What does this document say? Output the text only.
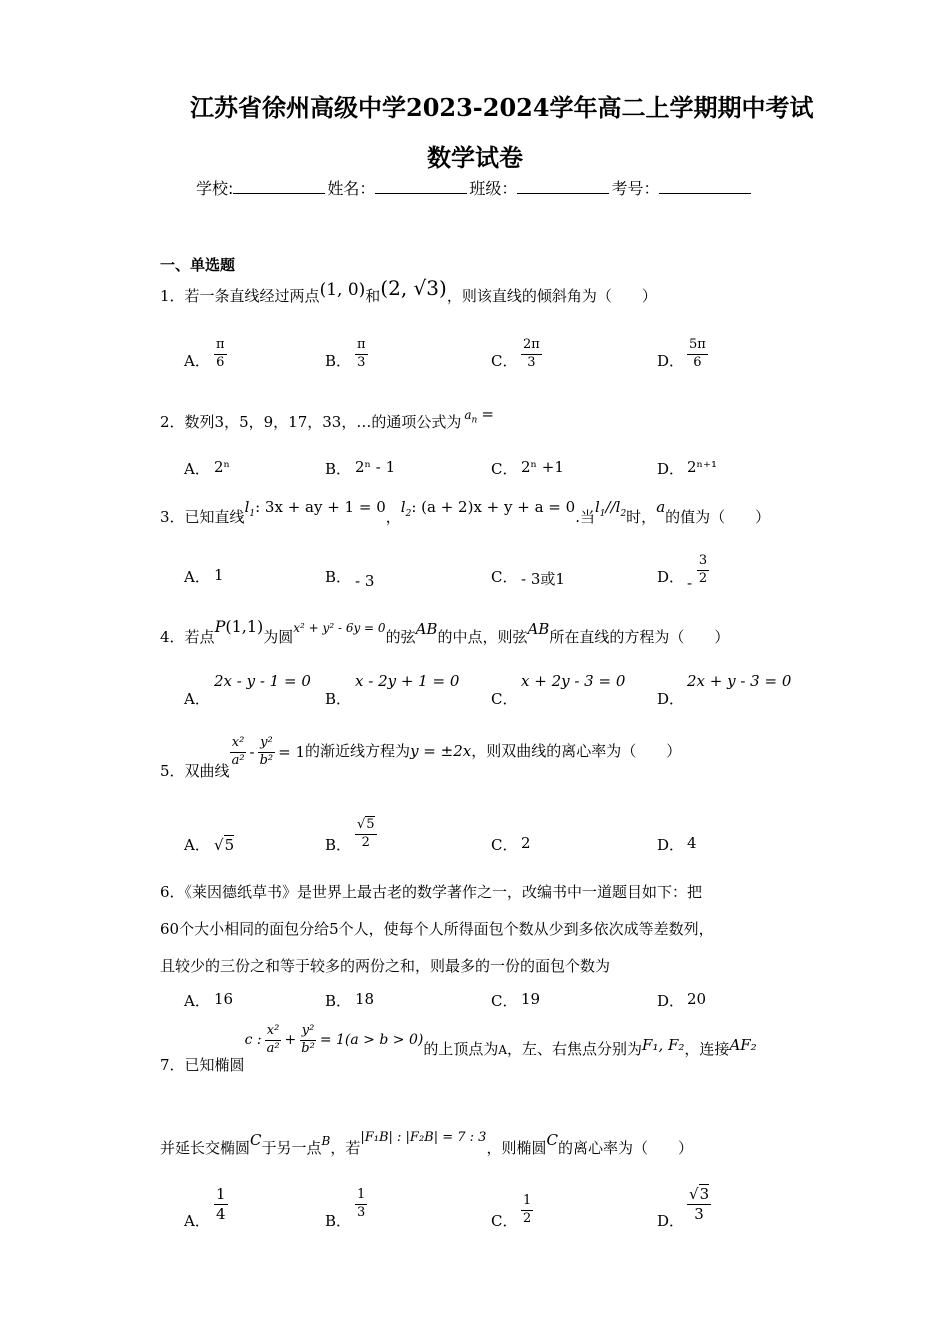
江苏省徐州高级中学2023-2024学年高二上学期期中考试
数学试卷
学校:	姓名：	班级：	考号：
一、单选题
1．若一条直线经过两点(1, 0)和(2, √3)，则该直线的倾斜角为（　　）
A． $\frac{\pi}{6}$	B． $\frac{\pi}{3}$	C． $\frac{2\pi}{3}$	D． $\frac{5\pi}{6}$
2．数列3，5，9，17，33，…的通项公式为 $^{a_n}$ =
A． 2ⁿ	B． 2ⁿ - 1	C． 2ⁿ +1	D． 2ⁿ⁺¹
3．已知直线$l_1$: 3x + ay + 1 = 0，$l_2$: (a + 2)x + y + a = 0.当$l_1//l_2$时，a的值为（　　）
A． 1	B． - 3	C． - 3或1	D． - $\frac{3}{2}$
4．若点P(1,1)为圆$^{x^2 + y^2 - 6y = 0}$的弦AB的中点，则弦AB所在直线的方程为（　　）
A．
2x - y - 1 = 0
B．
x - 2y + 1 = 0
C．
x + 2y - 3 = 0
D．
2x + y - 3 = 0
5．双曲线
$\frac{\text{x²}}{\text{a²}} - \frac{\text{y²}}{\text{b²}} = 1$ 的渐近线方程为y = ±2x，则双曲线的离心率为（　　）
A． √5	B． $\frac{√5}{2}$	C． 2	D． 4
6．《莱因德纸草书》是世界上最古老的数学著作之一，改编书中一道题目如下：把
60个大小相同的面包分给5个人，使每个人所得面包个数从少到多依次成等差数列，
且较少的三份之和等于较多的两份之和，则最多的一份的面包个数为
A． 16	B． 18	C． 19	D． 20
7．已知椭圆
c : $\frac{\text{x²}}{\text{a²}} + \frac{\text{y²}}{\text{b²}} = 1(a > b > 0)$ 的上顶点为$_A$，左、右焦点分别为F₁, F₂，连接AF₂
并延长交椭圆C于另一点$^B$，若|F₁B| : |F₂B| = 7 : 3，则椭圆C的离心率为（　　）
A． $\frac{1}{4}$	B．
$\frac{1}{3}$
C． $\frac{1}{2}$	D． $\frac{√3}{3}$
